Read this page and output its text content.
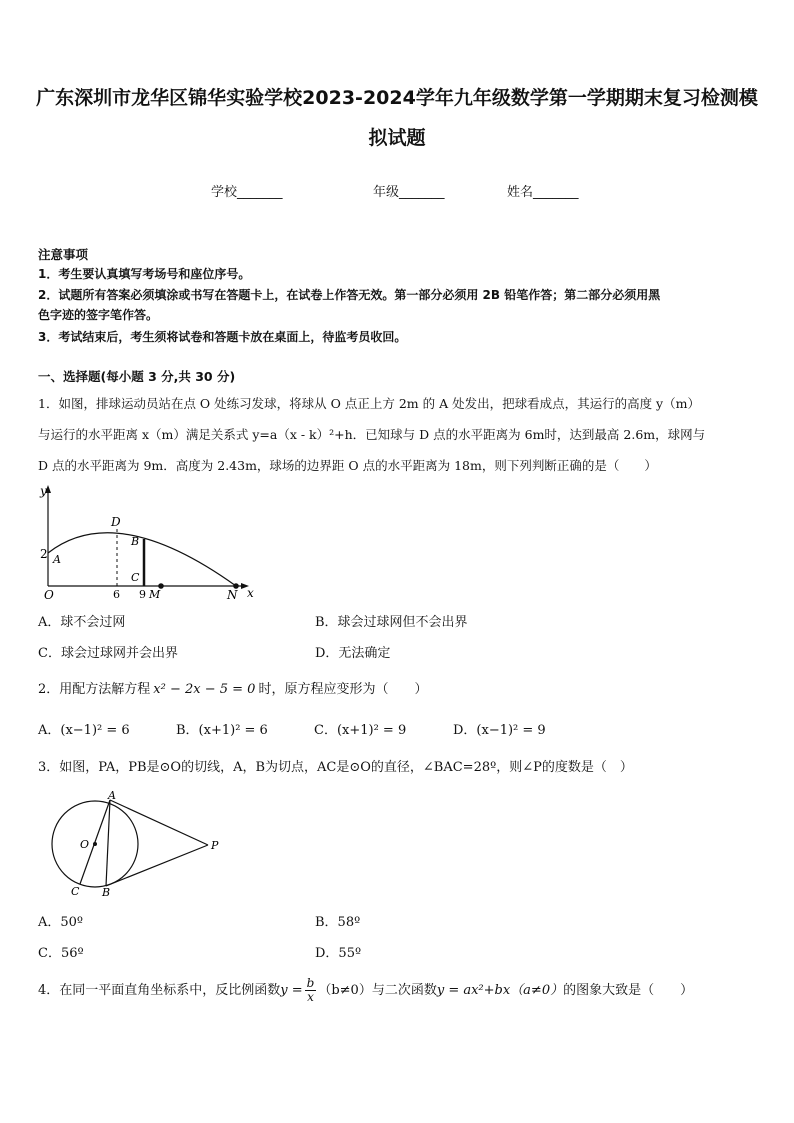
广东深圳市龙华区锦华实验学校2023-2024学年九年级数学第一学期期末复习检测模
拟试题
学校_______	年级_______	姓名_______
注意事项
1．考生要认真填写考场号和座位序号。
2．试题所有答案必须填涂或书写在答题卡上，在试卷上作答无效。第一部分必须用 2B 铅笔作答；第二部分必须用黑
色字迹的签字笔作答。
3．考试结束后，考生须将试卷和答题卡放在桌面上，待监考员收回。
一、选择题(每小题 3 分,共 30 分)
1．如图，排球运动员站在点 O 处练习发球，将球从 O 点正上方 2m 的 A 处发出，把球看成点，其运行的高度 y（m）
与运行的水平距离 x（m）满足关系式 y=a（x - k）²+h．已知球与 D 点的水平距离为 6m时，达到最高 2.6m，球网与
D 点的水平距离为 9m．高度为 2.43m，球场的边界距 O 点的水平距离为 18m，则下列判断正确的是（　　）
y
x
O
2 A
D
B
C
6 9 M	N
A．球不会过网	B．球会过球网但不会出界
C．球会过球网并会出界	D．无法确定
2．用配方法解方程 x² − 2x − 5 = 0 时，原方程应变形为（　　）
A．(x−1)² = 6	B．(x+1)² = 6	C．(x+1)² = 9	D．(x−1)² = 9
3．如图，PA，PB是⊙O的切线，A，B为切点，AC是⊙O的直径，∠BAC=28º，则∠P的度数是（　）
A
O	P
C B
A．50º	B．58º
C．56º	D．55º
4．在同一平面直角坐标系中，反比例函数$y = \frac{b}{x} (b\ne 0)$与二次函数y = ax²+bx（a≠0）的图象大致是（　　）
